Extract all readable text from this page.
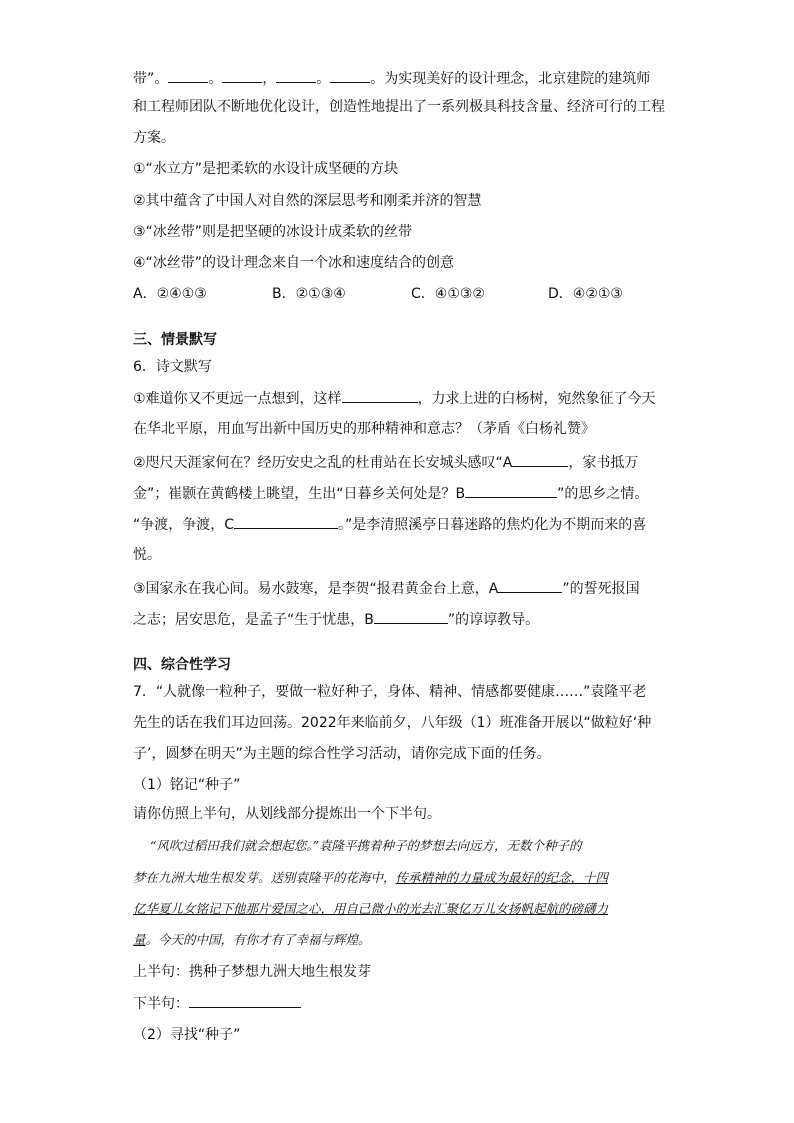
带”。	。	，	。	。为实现美好的设计理念，北京建院的建筑师
和工程师团队不断地优化设计，创造性地提出了一系列极具科技含量、经济可行的工程
方案。
①“水立方”是把柔软的水设计成坚硬的方块
②其中蕴含了中国人对自然的深层思考和刚柔并济的智慧
③“冰丝带”则是把坚硬的冰设计成柔软的丝带
④“冰丝带”的设计理念来自一个冰和速度结合的创意
A．②④①③	B．②①③④	C．④①③②	D．④②①③
三、情景默写
6．诗文默写
①难道你又不更远一点想到，这样	，力求上进的白杨树，宛然象征了今天
在华北平原，用血写出新中国历史的那种精神和意志？（茅盾《白杨礼赞》
②咫尺天涯家何在？经历安史之乱的杜甫站在长安城头感叹“A	，家书抵万
金”；崔颢在黄鹤楼上眺望，生出“日暮乡关何处是？B	”的思乡之情。
“争渡，争渡，C	。”是李清照溪亭日暮迷路的焦灼化为不期而来的喜
悦。
③国家永在我心间。易水鼓寒，是李贺“报君黄金台上意，A	”的誓死报国
之志；居安思危，是孟子“生于忧患，B	”的谆谆教导。
四、综合性学习
7．“人就像一粒种子，要做一粒好种子，身体、精神、情感都要健康……”袁隆平老
先生的话在我们耳边回荡。2022年来临前夕，八年级（1）班准备开展以“做粒好‘种
子’，圆梦在明天”为主题的综合性学习活动，请你完成下面的任务。
（1）铭记“种子”
请你仿照上半句，从划线部分提炼出一个下半句。
“风吹过稻田我们就会想起您。”袁隆平携着种子的梦想去向远方，无数个种子的
梦在九洲大地生根发芽。送别袁隆平的花海中，传承精神的力量成为最好的纪念，十四
亿华夏儿女铭记下他那片爱国之心，用自己微小的光去汇聚亿万儿女扬帆起航的磅礴力
量。今天的中国，有你才有了幸福与辉煌。
上半句：携种子梦想九洲大地生根发芽
下半句：
（2）寻找“种子”
